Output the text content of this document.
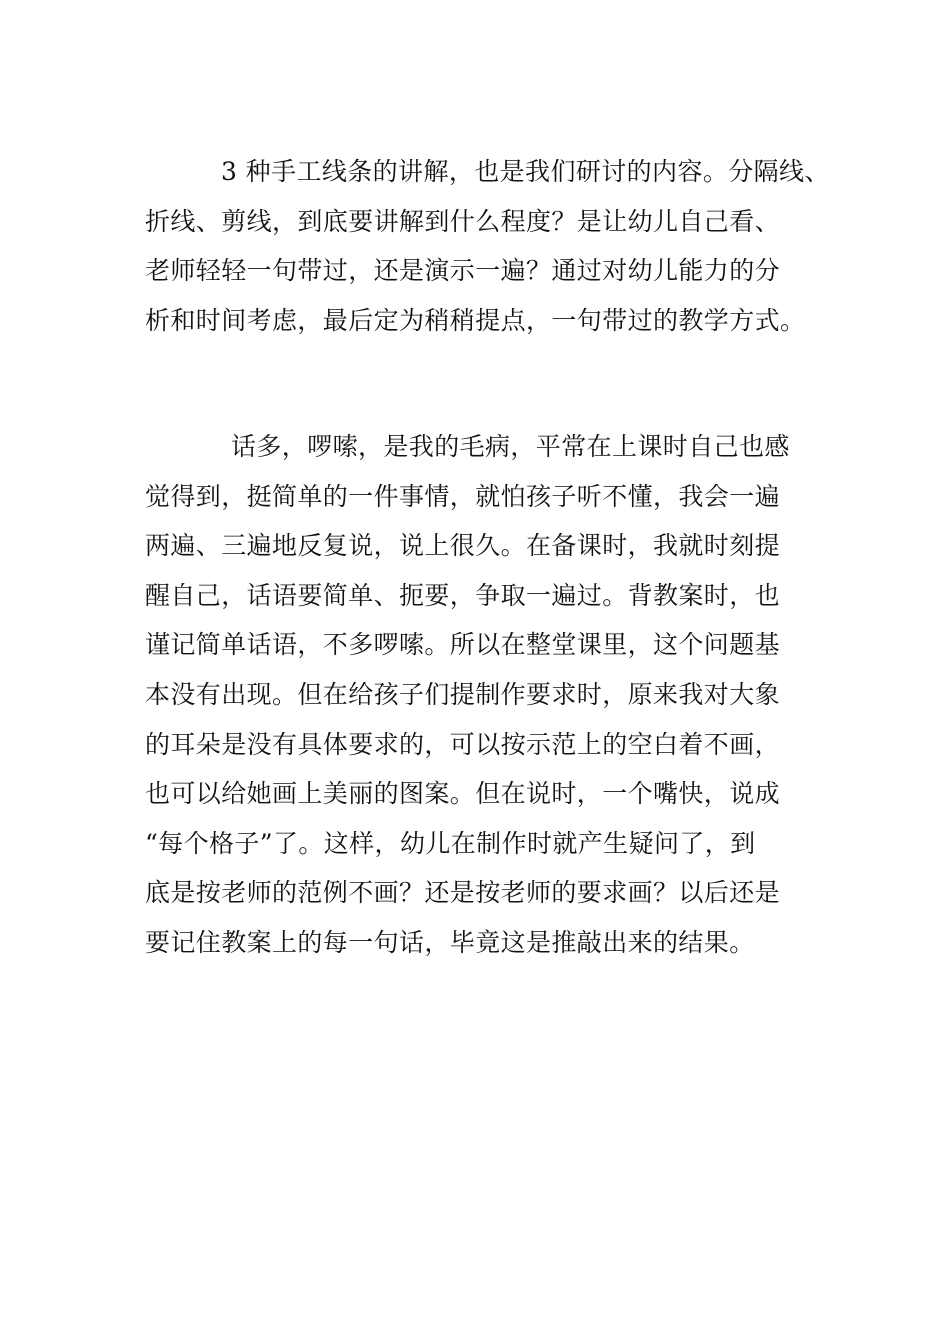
3 种手工线条的讲解，也是我们研讨的内容。分隔线、
折线、剪线，到底要讲解到什么程度？是让幼儿自己看、
老师轻轻一句带过，还是演示一遍？通过对幼儿能力的分
析和时间考虑，最后定为稍稍提点，一句带过的教学方式。
话多，啰嗦，是我的毛病，平常在上课时自己也感
觉得到，挺简单的一件事情，就怕孩子听不懂，我会一遍
两遍、三遍地反复说，说上很久。在备课时，我就时刻提
醒自己，话语要简单、扼要，争取一遍过。背教案时，也
谨记简单话语，不多啰嗦。所以在整堂课里，这个问题基
本没有出现。但在给孩子们提制作要求时，原来我对大象
的耳朵是没有具体要求的，可以按示范上的空白着不画，
也可以给她画上美丽的图案。但在说时，一个嘴快，说成
“每个格子”了。这样，幼儿在制作时就产生疑问了，到
底是按老师的范例不画？还是按老师的要求画？以后还是
要记住教案上的每一句话，毕竟这是推敲出来的结果。
